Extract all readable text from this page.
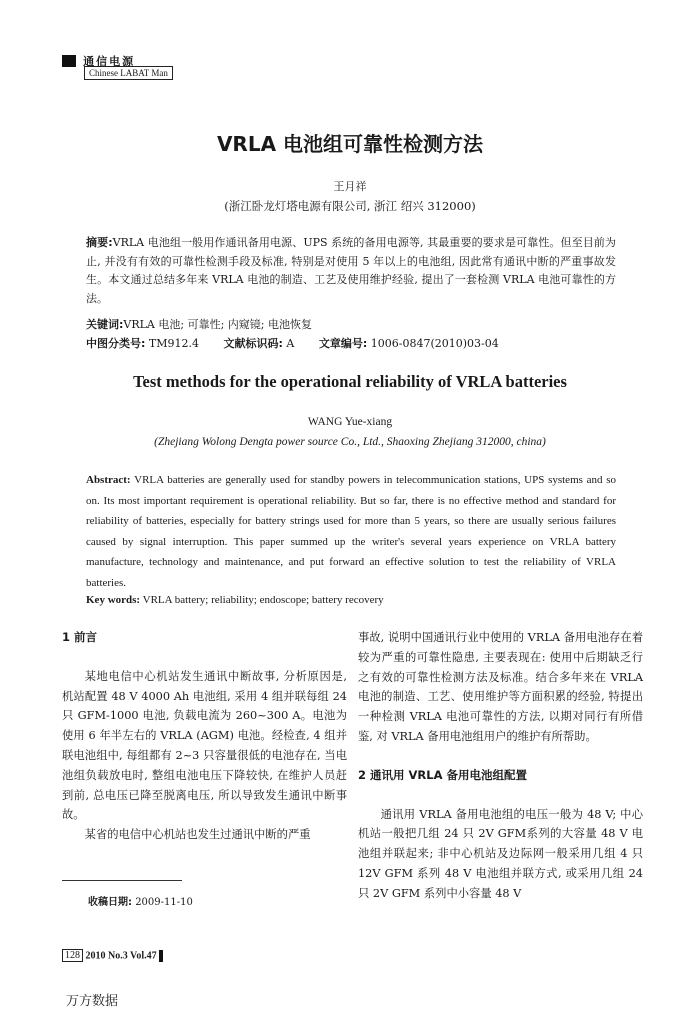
通信电源
Chinese LABAT Man
VRLA 电池组可靠性检测方法
王月祥
(浙江卧龙灯塔电源有限公司, 浙江 绍兴 312000)
摘要:VRLA 电池组一般用作通讯备用电源、UPS 系统的备用电源等, 其最重要的要求是可靠性。但至目前为止, 并没有有效的可靠性检测手段及标准, 特别是对使用 5 年以上的电池组, 因此常有通讯中断的严重事故发生。本文通过总结多年来 VRLA 电池的制造、工艺及使用维护经验, 提出了一套检测 VRLA 电池可靠性的方法。
关键词:VRLA 电池; 可靠性; 内窥镜; 电池恢复
中图分类号: TM912.4 文献标识码: A 文章编号: 1006-0847(2010)03-04
Test methods for the operational reliability of VRLA batteries
WANG Yue-xiang
(Zhejiang Wolong Dengta power source Co., Ltd., Shaoxing Zhejiang 312000, china)
Abstract: VRLA batteries are generally used for standby powers in telecommunication stations, UPS systems and so on. Its most important requirement is operational reliability. But so far, there is no effective method and standard for reliability of batteries, especially for battery strings used for more than 5 years, so there are usually serious failures caused by signal interruption. This paper summed up the writer's several years experience on VRLA battery manufacture, technology and maintenance, and put forward an effective solution to test the reliability of VRLA batteries.
Key words: VRLA battery; reliability; endoscope; battery recovery

1 前言

某地电信中心机站发生通讯中断故事, 分析原因是, 机站配置 48 V 4000 Ah 电池组, 采用 4 组并联每组 24 只 GFM-1000 电池, 负载电流为 260~300 A。电池为使用 6 年半左右的 VRLA (AGM) 电池。经检查, 4 组并联电池组中, 每组都有 2~3 只容量很低的电池存在, 当电池组负载放电时, 整组电池电压下降较快, 在维护人员赶到前, 总电压已降至脱离电压, 所以导致发生通讯中断事故。

某省的电信中心机站也发生过通讯中断的严重

事故, 说明中国通讯行业中使用的 VRLA 备用电池存在着较为严重的可靠性隐患, 主要表现在: 使用中后期缺乏行之有效的可靠性检测方法及标准。结合多年来在 VRLA 电池的制造、工艺、使用维护等方面积累的经验, 特提出一种检测 VRLA 电池可靠性的方法, 以期对同行有所借鉴, 对 VRLA 备用电池组用户的维护有所帮助。

2 通讯用 VRLA 备用电池组配置

通讯用 VRLA 备用电池组的电压一般为 48 V; 中心机站一般把几组 24 只 2V GFM系列的大容量 48 V 电池组并联起来; 非中心机站及边际网一般采用几组 4 只 12V GFM 系列 48 V 电池组并联方式, 或采用几组 24 只 2V GFM 系列中小容量 48 V

收稿日期: 2009-11-10
128 2010 No.3 Vol.47
万方数据
